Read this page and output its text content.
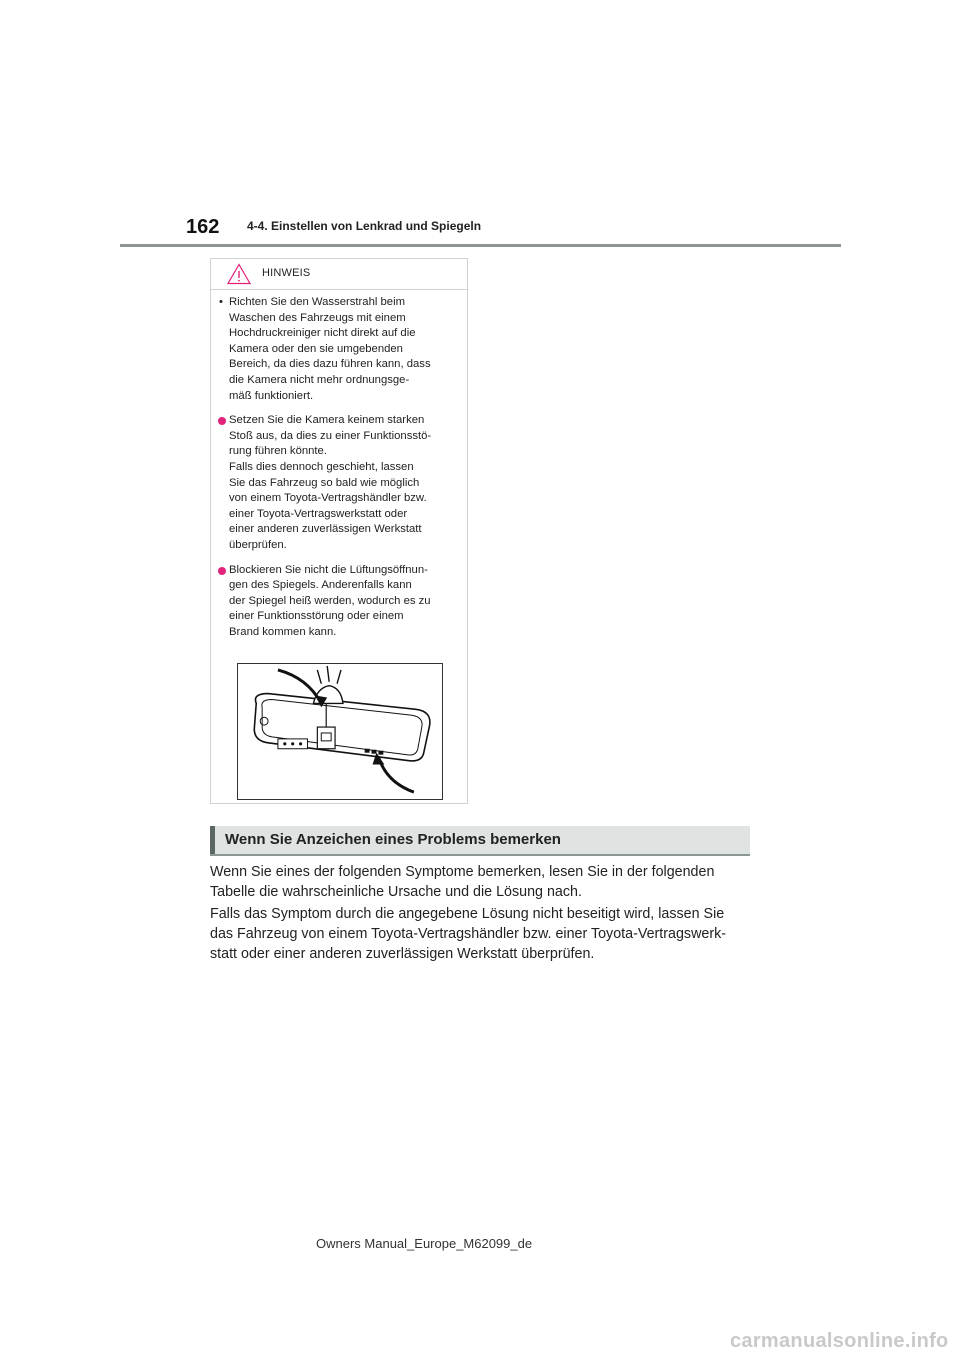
162 4-4. Einstellen von Lenkrad und Spiegeln
HINWEIS
• Richten Sie den Wasserstrahl beim
Waschen des Fahrzeugs mit einem
Hochdruckreiniger nicht direkt auf die
Kamera oder den sie umgebenden
Bereich, da dies dazu führen kann, dass
die Kamera nicht mehr ordnungsge-
mäß funktioniert.
Setzen Sie die Kamera keinem starken
Stoß aus, da dies zu einer Funktionsstö-
rung führen könnte.
Falls dies dennoch geschieht, lassen
Sie das Fahrzeug so bald wie möglich
von einem Toyota-Vertragshändler bzw.
einer Toyota-Vertragswerkstatt oder
einer anderen zuverlässigen Werkstatt
überprüfen.
Blockieren Sie nicht die Lüftungsöffnun-
gen des Spiegels. Anderenfalls kann
der Spiegel heiß werden, wodurch es zu
einer Funktionsstörung oder einem
Brand kommen kann.
Wenn Sie Anzeichen eines Problems bemerken
Wenn Sie eines der folgenden Symptome bemerken, lesen Sie in der folgenden
Tabelle die wahrscheinliche Ursache und die Lösung nach.
Falls das Symptom durch die angegebene Lösung nicht beseitigt wird, lassen Sie
das Fahrzeug von einem Toyota-Vertragshändler bzw. einer Toyota-Vertragswerk-
statt oder einer anderen zuverlässigen Werkstatt überprüfen.
Owners Manual_Europe_M62099_de
carmanualsonline.info
